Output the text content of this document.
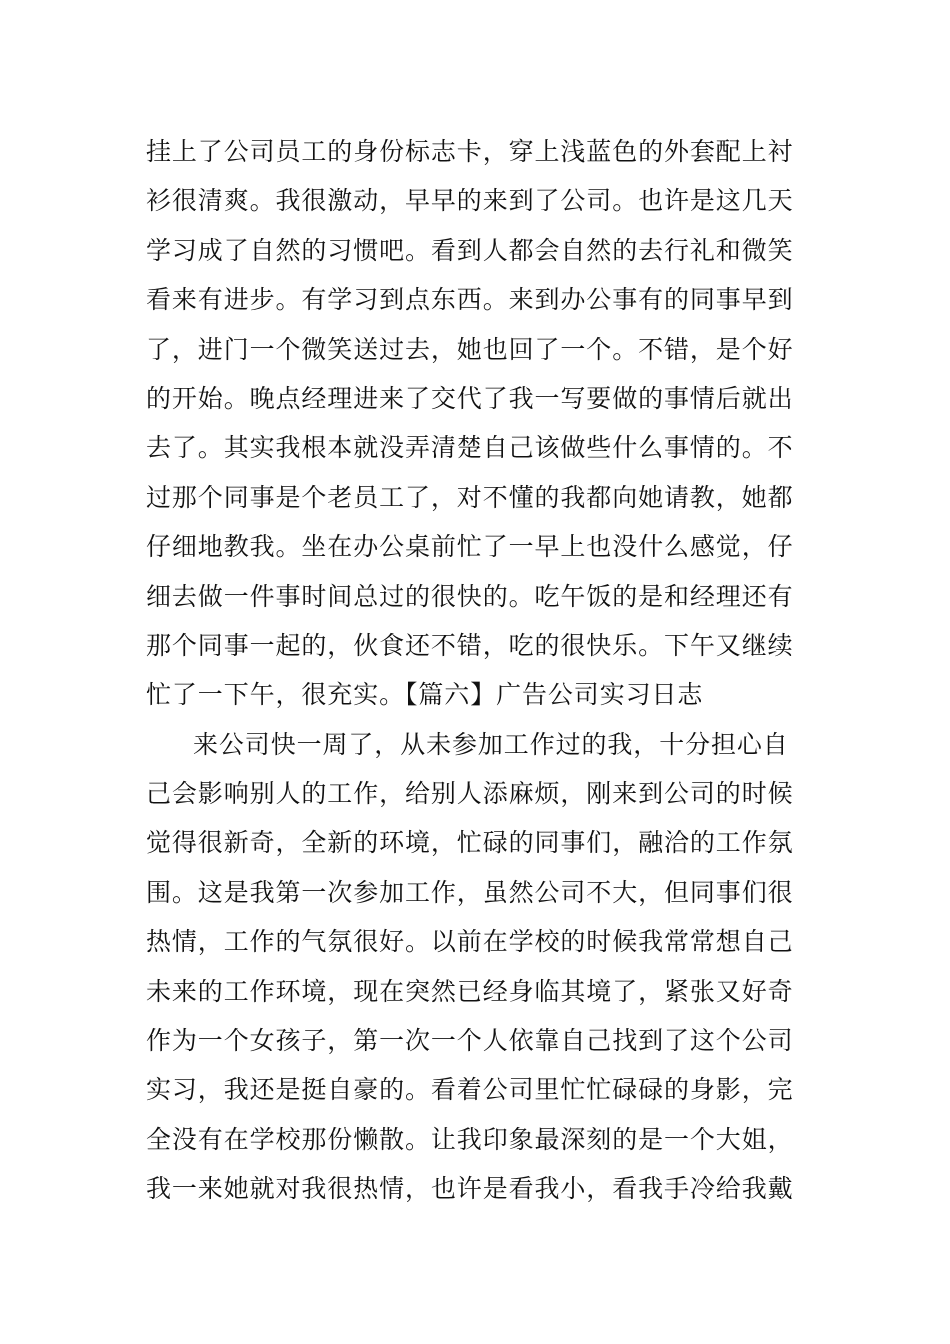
挂上了公司员工的身份标志卡，穿上浅蓝色的外套配上衬
衫很清爽。我很激动，早早的来到了公司。也许是这几天
学习成了自然的习惯吧。看到人都会自然的去行礼和微笑
看来有进步。有学习到点东西。来到办公事有的同事早到
了，进门一个微笑送过去，她也回了一个。不错，是个好
的开始。晚点经理进来了交代了我一写要做的事情后就出
去了。其实我根本就没弄清楚自己该做些什么事情的。不
过那个同事是个老员工了，对不懂的我都向她请教，她都
仔细地教我。坐在办公桌前忙了一早上也没什么感觉，仔
细去做一件事时间总过的很快的。吃午饭的是和经理还有
那个同事一起的，伙食还不错，吃的很快乐。下午又继续
忙了一下午，很充实。【篇六】广告公司实习日志
来公司快一周了，从未参加工作过的我，十分担心自
己会影响别人的工作，给别人添麻烦，刚来到公司的时候
觉得很新奇，全新的环境，忙碌的同事们，融洽的工作氛
围。这是我第一次参加工作，虽然公司不大，但同事们很
热情，工作的气氛很好。以前在学校的时候我常常想自己
未来的工作环境，现在突然已经身临其境了，紧张又好奇
作为一个女孩子，第一次一个人依靠自己找到了这个公司
实习，我还是挺自豪的。看着公司里忙忙碌碌的身影，完
全没有在学校那份懒散。让我印象最深刻的是一个大姐，
我一来她就对我很热情，也许是看我小，看我手冷给我戴
